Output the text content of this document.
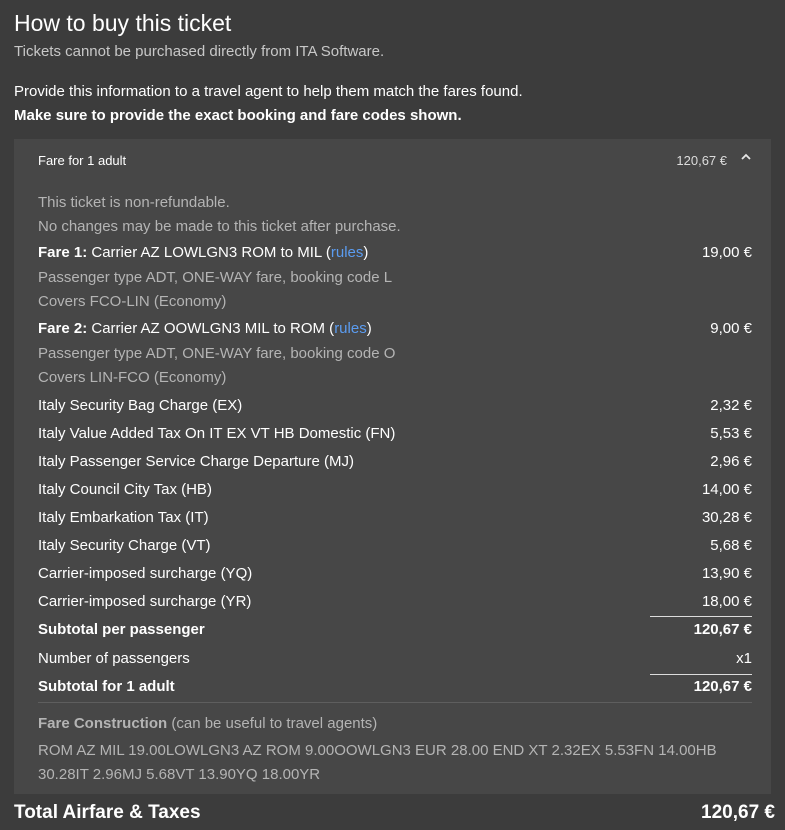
How to buy this ticket
Tickets cannot be purchased directly from ITA Software.
Provide this information to a travel agent to help them match the fares found.
Make sure to provide the exact booking and fare codes shown.
Fare for 1 adult	120,67 €
This ticket is non-refundable.
No changes may be made to this ticket after purchase.
Fare 1: Carrier AZ LOWLGN3 ROM to MIL (rules)	19,00 €
Passenger type ADT, ONE-WAY fare, booking code L
Covers FCO-LIN (Economy)
Fare 2: Carrier AZ OOWLGN3 MIL to ROM (rules)	9,00 €
Passenger type ADT, ONE-WAY fare, booking code O
Covers LIN-FCO (Economy)
Italy Security Bag Charge (EX)	2,32 €
Italy Value Added Tax On IT EX VT HB Domestic (FN)	5,53 €
Italy Passenger Service Charge Departure (MJ)	2,96 €
Italy Council City Tax (HB)	14,00 €
Italy Embarkation Tax (IT)	30,28 €
Italy Security Charge (VT)	5,68 €
Carrier-imposed surcharge (YQ)	13,90 €
Carrier-imposed surcharge (YR)	18,00 €
Subtotal per passenger	120,67 €
Number of passengers	x1
Subtotal for 1 adult	120,67 €
Fare Construction (can be useful to travel agents)
ROM AZ MIL 19.00LOWLGN3 AZ ROM 9.00OOWLGN3 EUR 28.00 END XT 2.32EX 5.53FN 14.00HB 30.28IT 2.96MJ 5.68VT 13.90YQ 18.00YR
Total Airfare & Taxes	120,67 €
